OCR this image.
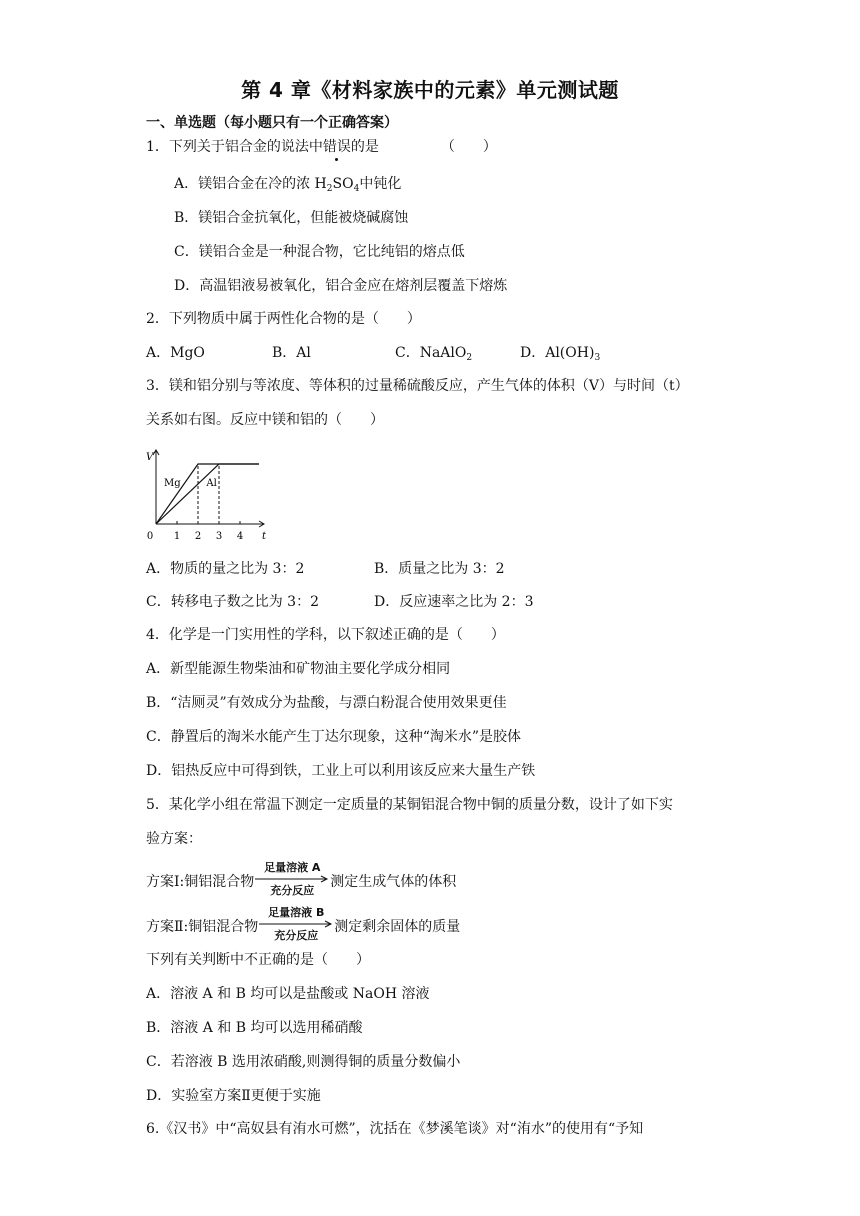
第 4 章《材料家族中的元素》单元测试题
一、单选题（每小题只有一个正确答案）
1．下列关于铝合金的说法中错误的是	（　　）
A．镁铝合金在冷的浓 $H_2SO_4$中钝化
B．镁铝合金抗氧化，但能被烧碱腐蚀
C．镁铝合金是一种混合物，它比纯铝的熔点低
D．高温铝液易被氧化，铝合金应在熔剂层覆盖下熔炼
2．下列物质中属于两性化合物的是（　　）
A．MgO	B．Al	C．NaAlO$_2$	D．$Al(OH)_3$
3．镁和铝分别与等浓度、等体积的过量稀硫酸反应，产生气体的体积（V）与时间（t）
关系如右图。反应中镁和铝的（　　）
0 1 2 3 4 t
V
Mg	Al
A．物质的量之比为 3：2	B．质量之比为 3：2
C．转移电子数之比为 3：2	D．反应速率之比为 2：3
4．化学是一门实用性的学科，以下叙述正确的是（　　）
A．新型能源生物柴油和矿物油主要化学成分相同
B．“洁厕灵”有效成分为盐酸，与漂白粉混合使用效果更佳
C．静置后的淘米水能产生丁达尔现象，这种“淘米水”是胶体
D．铝热反应中可得到铁，工业上可以利用该反应来大量生产铁
5．某化学小组在常温下测定一定质量的某铜铝混合物中铜的质量分数，设计了如下实
验方案：
方案Ⅰ:铜铝混合物
足量溶液 A
充分反应
测定生成气体的体积
方案Ⅱ:铜铝混合物
足量溶液 B
充分反应
测定剩余固体的质量
下列有关判断中不正确的是（　　）
A．溶液 A 和 B 均可以是盐酸或 NaOH 溶液
B．溶液 A 和 B 均可以选用稀硝酸
C．若溶液 B 选用浓硝酸,则测得铜的质量分数偏小
D．实验室方案Ⅱ更便于实施
6.《汉书》中“高奴县有洧水可燃”，沈括在《梦溪笔谈》对“洧水”的使用有“予知
